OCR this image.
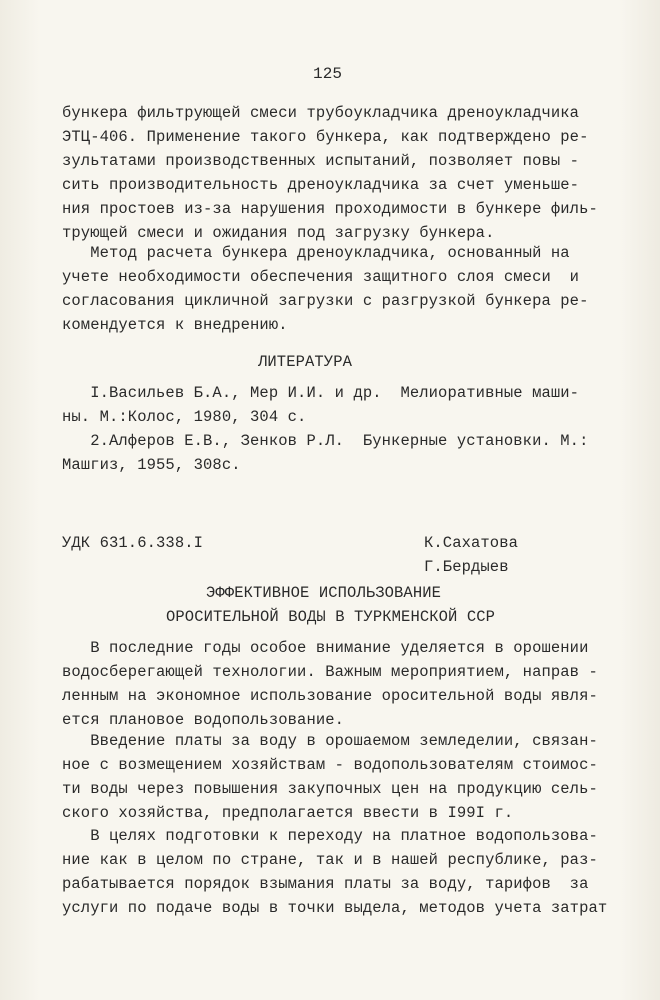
125
бункера фильтрующей смеси трубоукладчика дреноукладчика
ЭТЦ-406. Применение такого бункера, как подтверждено ре-
зультатами производственных испытаний, позволяет повы -
сить производительность дреноукладчика за счет уменьше-
ния простоев из-за нарушения проходимости в бункере филь-
трующей смеси и ожидания под загрузку бункера.
Метод расчета бункера дреноукладчика, основанный на
учете необходимости обеспечения защитного слоя смеси  и
согласования цикличной загрузки с разгрузкой бункера ре-
комендуется к внедрению.
ЛИТЕРАТУРА
I.Васильев Б.А., Мер И.И. и др.  Мелиоративные маши-
ны. М.:Колос, 1980, 304 с.
2.Алферов Е.В., Зенков Р.Л.  Бункерные установки. М.:
Машгиз, 1955, 308с.
УДК 631.6.338.I	К.Сахатова
Г.Бердыев
ЭФФЕКТИВНОЕ ИСПОЛЬЗОВАНИЕ
ОРОСИТЕЛЬНОЙ ВОДЫ В ТУРКМЕНСКОЙ ССР
В последние годы особое внимание уделяется в орошении
водосберегающей технологии. Важным мероприятием, направ -
ленным на экономное использование оросительной воды явля-
ется плановое водопользование.
Введение платы за воду в орошаемом земледелии, связан-
ное с возмещением хозяйствам - водопользователям стоимос-
ти воды через повышения закупочных цен на продукцию сель-
ского хозяйства, предполагается ввести в I99I г.
В целях подготовки к переходу на платное водопользова-
ние как в целом по стране, так и в нашей республике, раз-
рабатывается порядок взымания платы за воду, тарифов  за
услуги по подаче воды в точки выдела, методов учета затрат
